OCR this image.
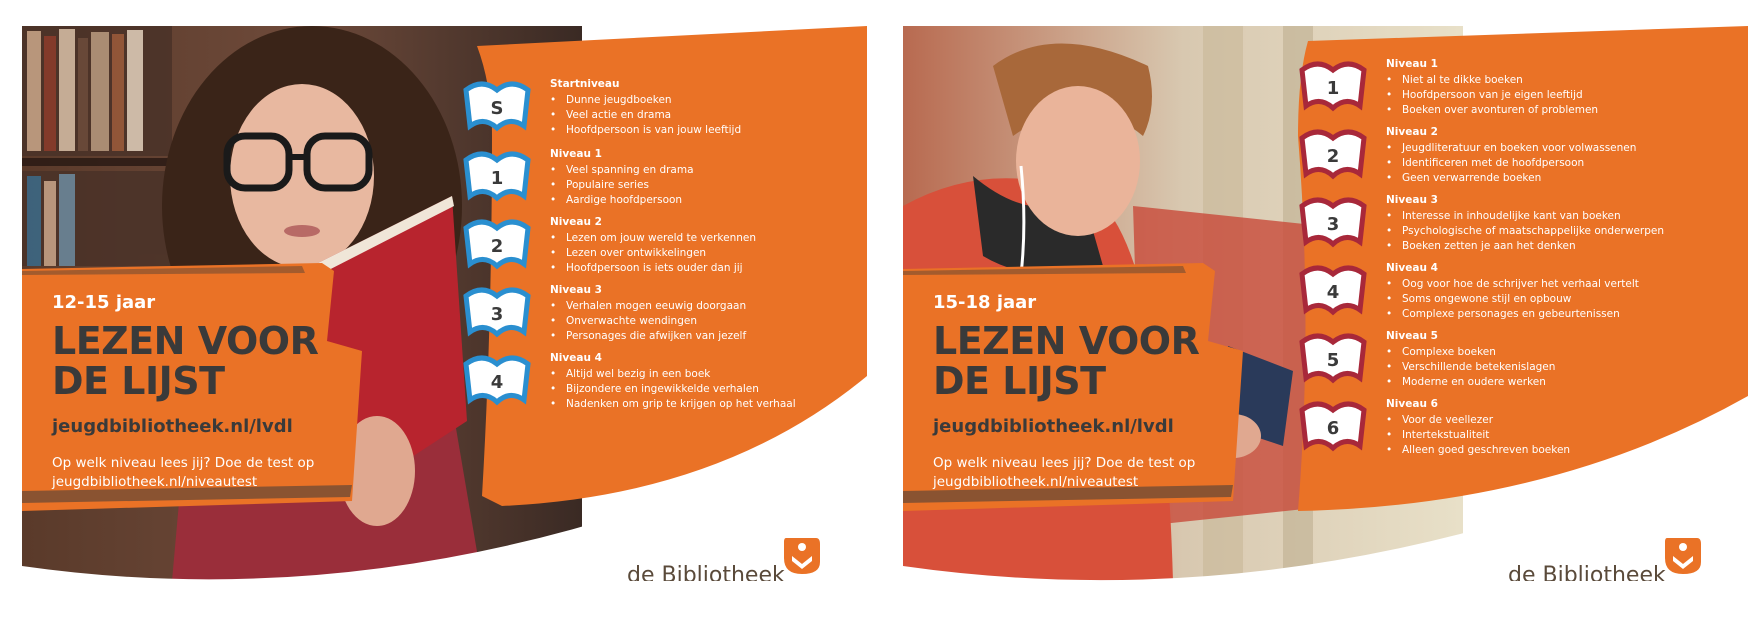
12-15 jaar
LEZEN VOOR
DE LIJST
jeugdbibliotheek.nl/lvdl
Op welk niveau lees jij? Doe de test op
jeugdbibliotheek.nl/niveautest
S
Startniveau
• Dunne jeugdboeken
• Veel actie en drama
• Hoofdpersoon is van jouw leeftijd
1
Niveau 1
• Veel spanning en drama
• Populaire series
• Aardige hoofdpersoon
2
Niveau 2
• Lezen om jouw wereld te verkennen
• Lezen over ontwikkelingen
• Hoofdpersoon is iets ouder dan jij
3
Niveau 3
• Verhalen mogen eeuwig doorgaan
• Onverwachte wendingen
• Personages die afwijken van jezelf
4
Niveau 4
• Altijd wel bezig in een boek
• Bijzondere en ingewikkelde verhalen
• Nadenken om grip te krijgen op het verhaal
de Bibliotheek
15-18 jaar
LEZEN VOOR
DE LIJST
jeugdbibliotheek.nl/lvdl
Op welk niveau lees jij? Doe de test op
jeugdbibliotheek.nl/niveautest
1
Niveau 1
• Niet al te dikke boeken
• Hoofdpersoon van je eigen leeftijd
• Boeken over avonturen of problemen
2
Niveau 2
• Jeugdliteratuur en boeken voor volwassenen
• Identificeren met de hoofdpersoon
• Geen verwarrende boeken
3
Niveau 3
• Interesse in inhoudelijke kant van boeken
• Psychologische of maatschappelijke onderwerpen
• Boeken zetten je aan het denken
4
Niveau 4
• Oog voor hoe de schrijver het verhaal vertelt
• Soms ongewone stijl en opbouw
• Complexe personages en gebeurtenissen
5
Niveau 5
• Complexe boeken
• Verschillende betekenislagen
• Moderne en oudere werken
6
Niveau 6
• Voor de veellezer
• Intertekstualiteit
• Alleen goed geschreven boeken
de Bibliotheek
